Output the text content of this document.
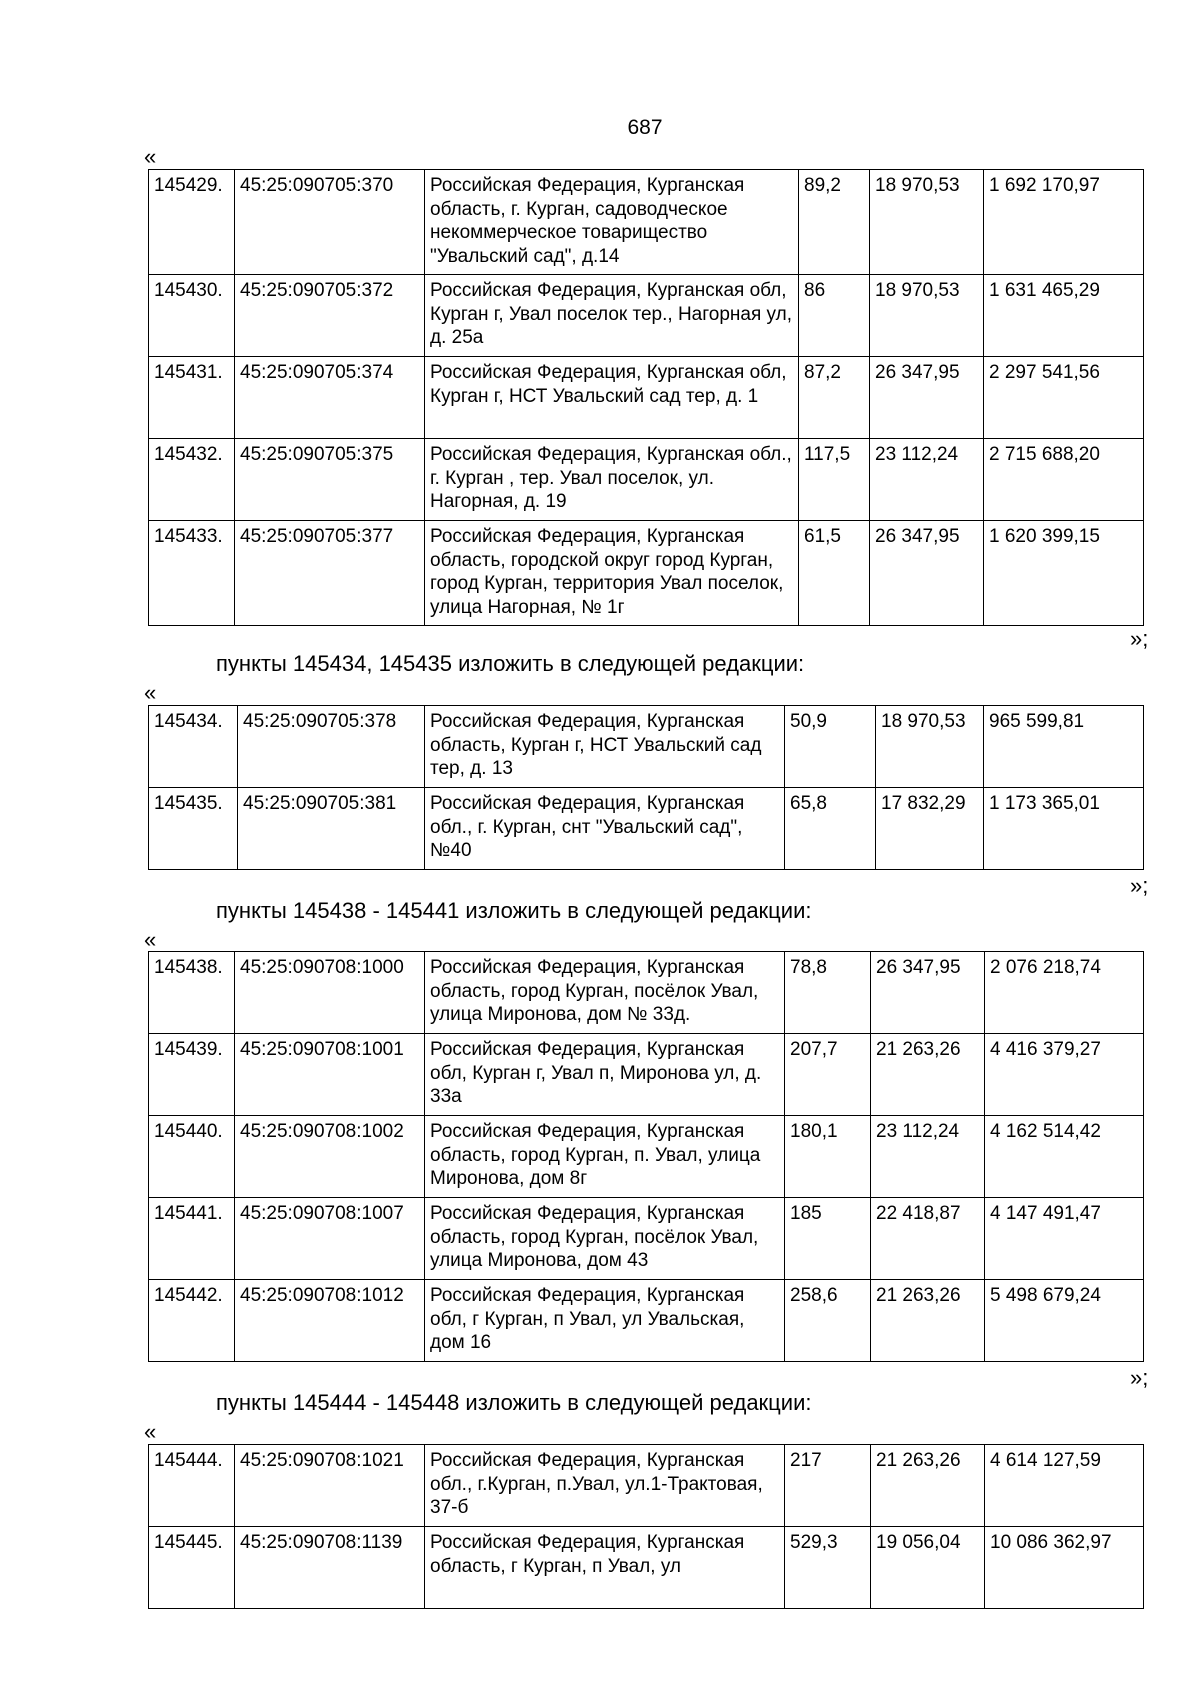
687
«
145429.	45:25:090705:370	Российская Федерация, Курганская область, г. Курган, садоводческое некоммерческое товарищество "Увальский сад", д.14	89,2	18 970,53	1 692 170,97
145430.	45:25:090705:372	Российская Федерация, Курганская обл, Курган г, Увал поселок тер., Нагорная ул, д. 25а	86	18 970,53	1 631 465,29
145431.	45:25:090705:374	Российская Федерация, Курганская обл, Курган г, НСТ Увальский сад тер, д. 1	87,2	26 347,95	2 297 541,56
145432.	45:25:090705:375	Российская Федерация, Курганская обл., г. Курган , тер. Увал поселок, ул. Нагорная, д. 19	117,5	23 112,24	2 715 688,20
145433.	45:25:090705:377	Российская Федерация, Курганская область, городской округ город Курган, город Курган, территория Увал поселок, улица Нагорная, № 1г	61,5	26 347,95	1 620 399,15
»;
пункты 145434, 145435 изложить в следующей редакции:
«
145434.	45:25:090705:378	Российская Федерация, Курганская область, Курган г, НСТ Увальский сад тер, д. 13	50,9	18 970,53	965 599,81
145435.	45:25:090705:381	Российская Федерация, Курганская обл., г. Курган, снт "Увальский сад", №40	65,8	17 832,29	1 173 365,01
»;
пункты 145438 - 145441 изложить в следующей редакции:
«
145438.	45:25:090708:1000	Российская Федерация, Курганская область, город Курган, посёлок Увал, улица Миронова, дом № 33д.	78,8	26 347,95	2 076 218,74
145439.	45:25:090708:1001	Российская Федерация, Курганская обл, Курган г, Увал п, Миронова ул, д. 33а	207,7	21 263,26	4 416 379,27
145440.	45:25:090708:1002	Российская Федерация, Курганская область, город Курган, п. Увал, улица Миронова, дом 8г	180,1	23 112,24	4 162 514,42
145441.	45:25:090708:1007	Российская Федерация, Курганская область, город Курган, посёлок Увал, улица Миронова, дом 43	185	22 418,87	4 147 491,47
145442.	45:25:090708:1012	Российская Федерация, Курганская обл, г Курган, п Увал, ул Увальская, дом 16	258,6	21 263,26	5 498 679,24
»;
пункты 145444 - 145448 изложить в следующей редакции:
«
145444.	45:25:090708:1021	Российская Федерация, Курганская обл., г.Курган, п.Увал, ул.1-Трактовая, 37-б	217	21 263,26	4 614 127,59
145445.	45:25:090708:1139	Российская Федерация, Курганская область, г Курган, п Увал, ул	529,3	19 056,04	10 086 362,97
